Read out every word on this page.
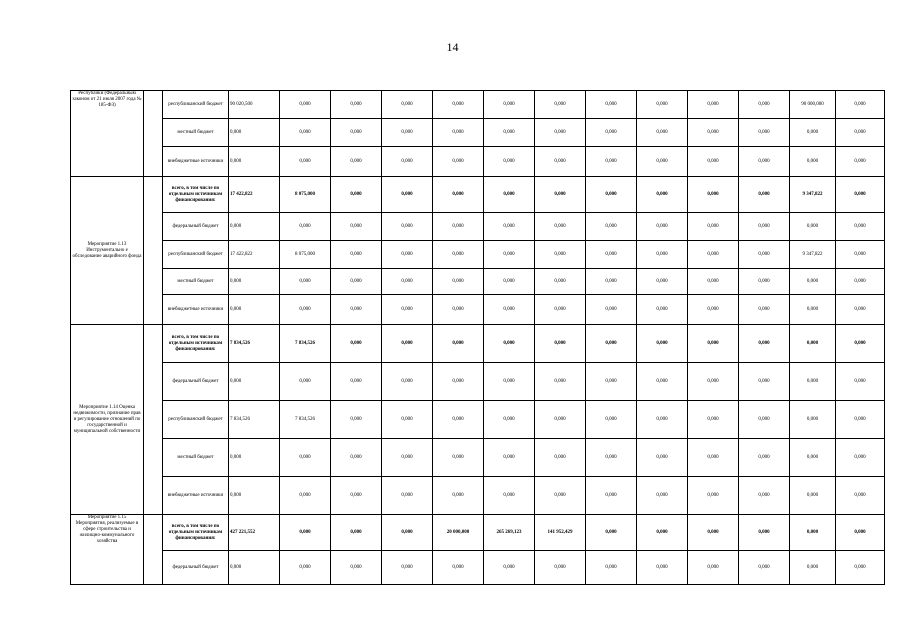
14
Республики (Федеральным законом от 21 июля 2007 года № 185-ФЗ)		республиканский бюджет	90 020,500	0,000	0,000	0,000	0,000	0,000	0,000	0,000	0,000	0,000	0,000	90 000,000	0,000
		местный бюджет	0,000	0,000	0,000	0,000	0,000	0,000	0,000	0,000	0,000	0,000	0,000	0,000	0,000
		внебюджетные источники	0,000	0,000	0,000	0,000	0,000	0,000	0,000	0,000	0,000	0,000	0,000	0,000	0,000
Мероприятие 1.13 Инструментально е обследование аварийного фонда		всего, в том числе по отдельным источникам финансирования:	17 422,822	8 075,000	0,000	0,000	0,000	0,000	0,000	0,000	0,000	0,000	0,000	9 347,822	0,000
		федеральный бюджет	0,000	0,000	0,000	0,000	0,000	0,000	0,000	0,000	0,000	0,000	0,000	0,000	0,000
		республиканский бюджет	17 422,822	8 075,000	0,000	0,000	0,000	0,000	0,000	0,000	0,000	0,000	0,000	9 347,822	0,000
		местный бюджет	0,000	0,000	0,000	0,000	0,000	0,000	0,000	0,000	0,000	0,000	0,000	0,000	0,000
		внебюджетные источники	0,000	0,000	0,000	0,000	0,000	0,000	0,000	0,000	0,000	0,000	0,000	0,000	0,000
Мероприятие 1.14 Оценка недвижимости, признание прав и регулирование отношений по государственной и муниципальной собственности		всего, в том числе по отдельным источникам финансирования:	7 834,526	7 834,526	0,000	0,000	0,000	0,000	0,000	0,000	0,000	0,000	0,000	0,000	0,000
		федеральный бюджет	0,000	0,000	0,000	0,000	0,000	0,000	0,000	0,000	0,000	0,000	0,000	0,000	0,000
		республиканский бюджет	7 834,526	7 834,526	0,000	0,000	0,000	0,000	0,000	0,000	0,000	0,000	0,000	0,000	0,000
		местный бюджет	0,000	0,000	0,000	0,000	0,000	0,000	0,000	0,000	0,000	0,000	0,000	0,000	0,000
		внебюджетные источники	0,000	0,000	0,000	0,000	0,000	0,000	0,000	0,000	0,000	0,000	0,000	0,000	0,000
Мероприятие 1.15 Мероприятия, реализуемые в сфере строительства и жилищно-коммунального хозяйства		всего, в том числе по отдельным источникам финансирования:	427 221,552	0,000	0,000	0,000	20 000,000	265 269,123	141 952,429	0,000	0,000	0,000	0,000	0,000	0,000
		федеральный бюджет	0,000	0,000	0,000	0,000	0,000	0,000	0,000	0,000	0,000	0,000	0,000	0,000	0,000
